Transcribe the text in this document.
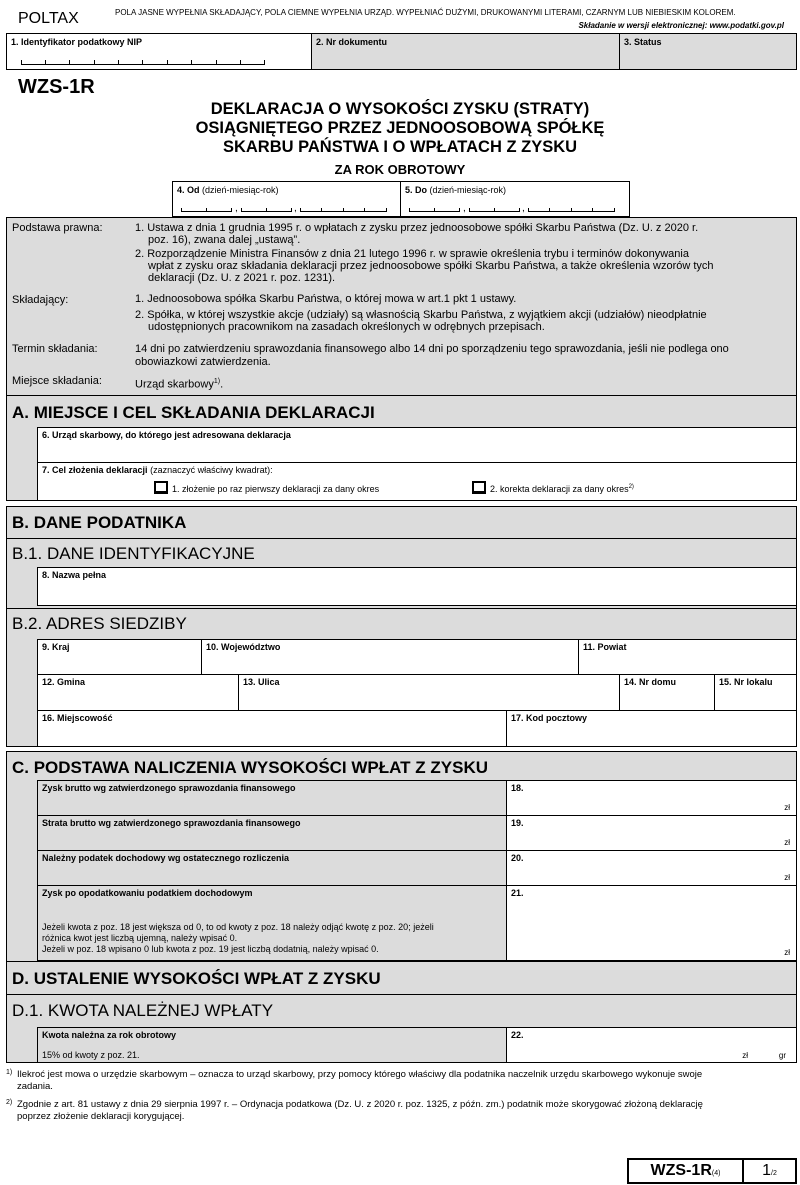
POLTAX	POLA JASNE WYPEŁNIA SKŁADAJĄCY, POLA CIEMNE WYPEŁNIA URZĄD. WYPEŁNIAĆ DUŻYMI, DRUKOWANYMI LITERAMI, CZARNYM LUB NIEBIESKIM KOLOREM.
Składanie w wersji elektronicznej: www.podatki.gov.pl
1. Identyfikator podatkowy NIP	2. Nr dokumentu	3. Status
WZS-1R
DEKLARACJA O WYSOKOŚCI ZYSKU (STRATY)
OSIĄGNIĘTEGO PRZEZ JEDNOOSOBOWĄ SPÓŁKĘ
SKARBU PAŃSTWA I O WPŁATACH Z ZYSKU
ZA ROK OBROTOWY
4. Od (dzień-miesiąc-rok)
,	,
5. Do (dzień-miesiąc-rok)
,	,
Podstawa prawna:	1. Ustawa z dnia 1 grudnia 1995 r. o wpłatach z zysku przez jednoosobowe spółki Skarbu Państwa (Dz. U. z 2020 r.
poz. 16), zwana dalej „ustawą”.
2. Rozporządzenie Ministra Finansów z dnia 21 lutego 1996 r. w sprawie określenia trybu i terminów dokonywania
wpłat z zysku oraz składania deklaracji przez jednoosobowe spółki Skarbu Państwa, a także określenia wzorów tych
deklaracji (Dz. U. z 2021 r. poz. 1231).
Składający:	1. Jednoosobowa spółka Skarbu Państwa, o której mowa w art.1 pkt 1 ustawy.
2. Spółka, w której wszystkie akcje (udziały) są własnością Skarbu Państwa, z wyjątkiem akcji (udziałów) nieodpłatnie
udostępnionych pracownikom na zasadach określonych w odrębnych przepisach.
Termin składania:	14 dni po zatwierdzeniu sprawozdania finansowego albo 14 dni po sporządzeniu tego sprawozdania, jeśli nie podlega ono
obowiazkowi zatwierdzenia.
Miejsce składania:	Urząd skarbowy$^{1)}$.
A. MIEJSCE I CEL SKŁADANIA DEKLARACJI
6. Urząd skarbowy, do którego jest adresowana deklaracja
7. Cel złożenia deklaracji (zaznaczyć właściwy kwadrat):
1. złożenie po raz pierwszy deklaracji za dany okres	2. korekta deklaracji za dany okres$^{2)}$
B. DANE PODATNIKA
B.1. DANE IDENTYFIKACYJNE
B.2. ADRES SIEDZIBY
8. Nazwa pełna
9. Kraj	10. Województwo	11. Powiat
12. Gmina	13. Ulica	14. Nr domu	15. Nr lokalu
16. Miejscowość	17. Kod pocztowy
C. PODSTAWA NALICZENIA WYSOKOŚCI WPŁAT Z ZYSKU
Zysk brutto wg zatwierdzonego sprawozdania finansowego	18.
zł
Strata brutto wg zatwierdzonego sprawozdania finansowego	19.
zł
Należny podatek dochodowy wg ostatecznego rozliczenia	20.
zł
Zysk po opodatkowaniu podatkiem dochodowym
Jeżeli kwota z poz. 18 jest większa od 0, to od kwoty z poz. 18 należy odjąć kwotę z poz. 20; jeżeli
różnica kwot jest liczbą ujemną, należy wpisać 0.
Jeżeli w poz. 18 wpisano 0 lub kwota z poz. 19 jest liczbą dodatnią, należy wpisać 0.
21.
zł
D. USTALENIE WYSOKOŚCI WPŁAT Z ZYSKU
D.1. KWOTA NALEŻNEJ WPŁATY
Kwota należna za rok obrotowy
15% od kwoty z poz. 21.
22.
zł	gr
1) Ilekroć jest mowa o urzędzie skarbowym – oznacza to urząd skarbowy, przy pomocy którego właściwy dla podatnika naczelnik urzędu skarbowego wykonuje swoje
zadania.
2) Zgodnie z art. 81 ustawy z dnia 29 sierpnia 1997 r. – Ordynacja podatkowa (Dz. U. z 2020 r. poz. 1325, z późn. zm.) podatnik może skorygować złożoną deklarację
poprzez złożenie deklaracji korygującej.
WZS-1R(4)	1/2
